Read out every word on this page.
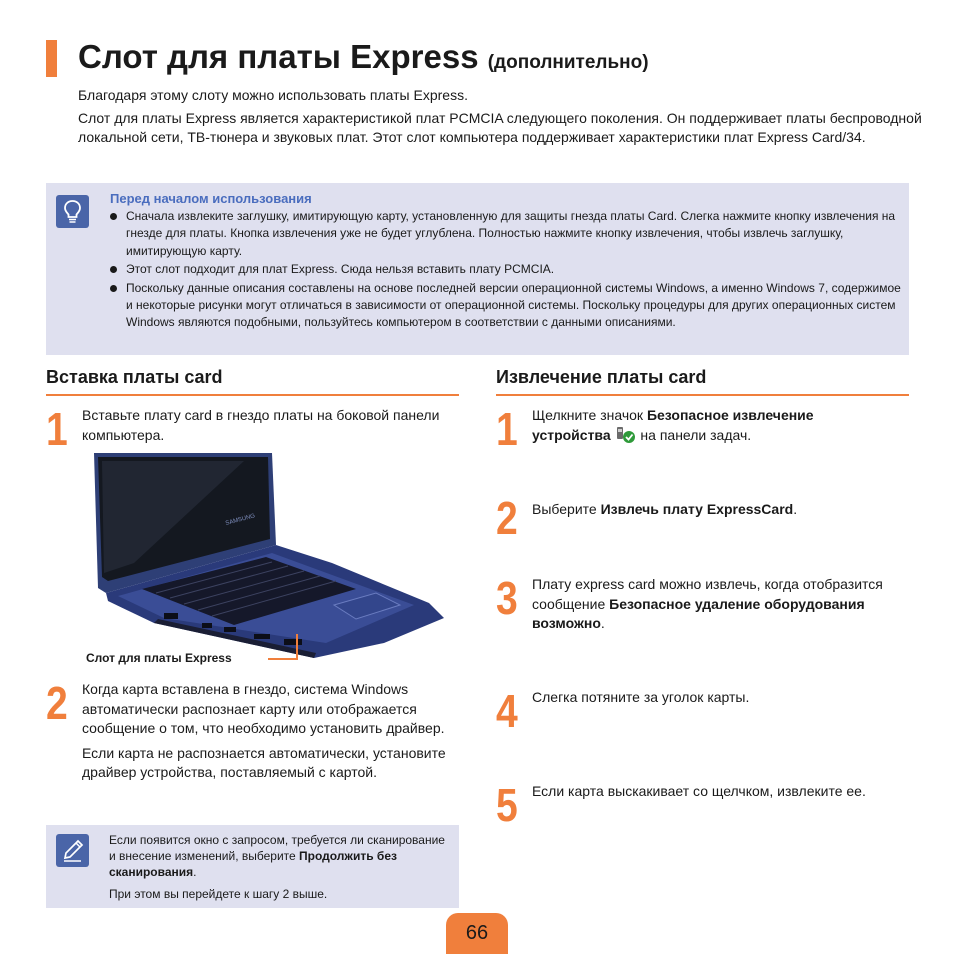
Слот для платы Express (дополнительно)

Благодаря этому слоту можно использовать платы Express.

Слот для платы Express является характеристикой плат PCMCIA следующего поколения. Он поддерживает платы беспроводной локальной сети, ТВ-тюнера и звуковых плат. Этот слот компьютера поддерживает характеристики плат Express Card/34.

Перед началом использования
Сначала извлеките заглушку, имитирующую карту, установленную для защиты гнезда платы Card. Слегка нажмите кнопку извлечения на гнезде для платы. Кнопка извлечения уже не будет углублена. Полностью нажмите кнопку извлечения, чтобы извлечь заглушку, имитирующую карту.
Этот слот подходит для плат Express. Сюда нельзя вставить плату PCMCIA.
Поскольку данные описания составлены на основе последней версии операционной системы Windows, а именно Windows 7, содержимое и некоторые рисунки могут отличаться в зависимости от операционной системы. Поскольку процедуры для других операционных систем Windows являются подобными, пользуйтесь компьютером в соответствии с данными описаниями.
Вставка платы card
1 Вставьте плату card в гнездо платы на боковой панели компьютера.
SAMSUNG
Слот для платы Express
2 Когда карта вставлена в гнездо, система Windows автоматически распознает карту или отображается сообщение о том, что необходимо установить драйвер.
Если карта не распознается автоматически, установите драйвер устройства, поставляемый с картой.

Если появится окно с запросом, требуется ли сканирование и внесение изменений, выберите Продолжить без сканирования.

При этом вы перейдете к шагу 2 выше.

Извлечение платы card
1 Щелкните значок Безопасное извлечение устройства  на панели задач.
2 Выберите Извлечь плату ExpressCard.
3 Плату express card можно извлечь, когда отобразится сообщение Безопасное удаление оборудования возможно.
4 Слегка потяните за уголок карты.
5 Если карта выскакивает со щелчком, извлеките ее.
66
